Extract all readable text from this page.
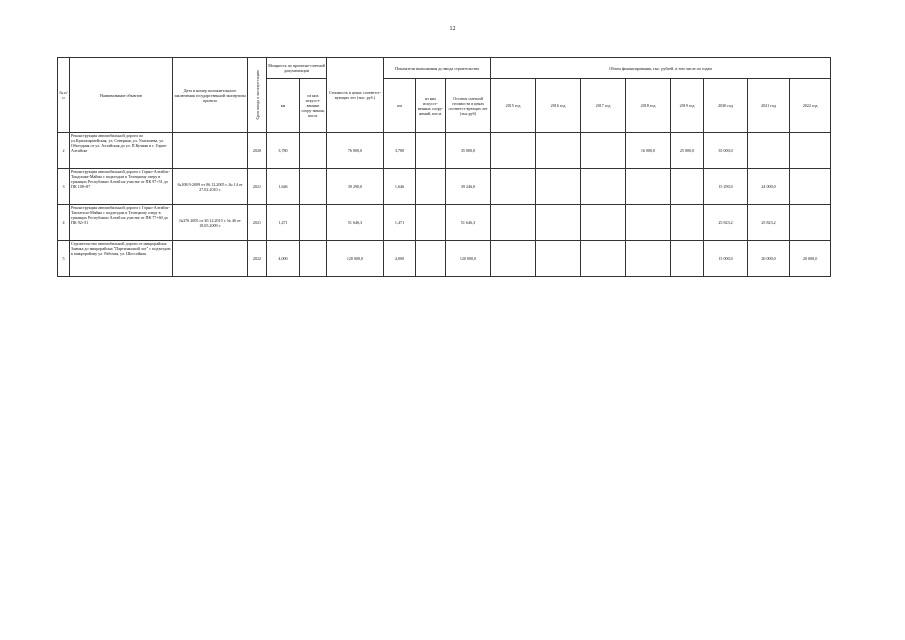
12
№ п/п	Наименование объектов	Дата и номер положительного заключения государственной экспертизы проекта	Срок ввода в эксплуа-тацию	Мощность по проектно-сметной документации		Стоимость в ценах соответст-вующих лет (тыс. руб.)	Показатели выполнения до ввода строительства			Объем финансирования, тыс. рублей, в том числе по годам							
				км	из них искусст-венные соору-жения, пог.м.		км	из них искусст-венных соору-жений, пог.м.	Остаток сметной стоимости в ценах соответст-вующих лет (тыс.руб)	2015 год	2016 год	2017 год	2018 год	2019 год	2020 год	2021 год	2022 год
2	Реконструкция автомобильной дороги по ул.Красноармейская, ул. Северная, ул. Улагашева, ул. Объездная от ул. Алтайская до ул. П.Кучияк в г. Горно-Алтайске		2020	3,780		76 000,0	3,780		35 000,0				16 000,0	25 000,0	35 000,0		
3	Реконструкция автомобильной дороги г. Горно-Алтайск-Тондошка-Майма с подъездом к Телецкому озеру в границах Республики Алтай на участке от ПК 97+51 до ПК 108+87	№108/3-2009 от 06.12.2005 г.,№ 14 от 27.02.2010 г.	2021	1,646		39 290,0	1,646		39 246,0						15 290,0	24 000,0	
4	Реконструкция автомобильной дороги г. Горно-Алтайск-Тантатало-Майма с подъездом к Телецкому озеру в границах Республики Алтай на участке от ПК 77+60 до ПК 92+51	№376 2005 от 30.12.2015 г. № 46 от 18.05.2009 г.	2021	1,471		51 646,3	1,471		51 646,3						25 823,2	25 823,2	
5	Строительство автомобильной дороги от микрорайона Заимка до микрорайона "Партизанский лог" с подъездом к микрорайону ул. Рабочая, ул. Шоссейная		2022	4,000		120 000,0	4,000		120 000,0						15 000,0	20 000,0	20 000,0
